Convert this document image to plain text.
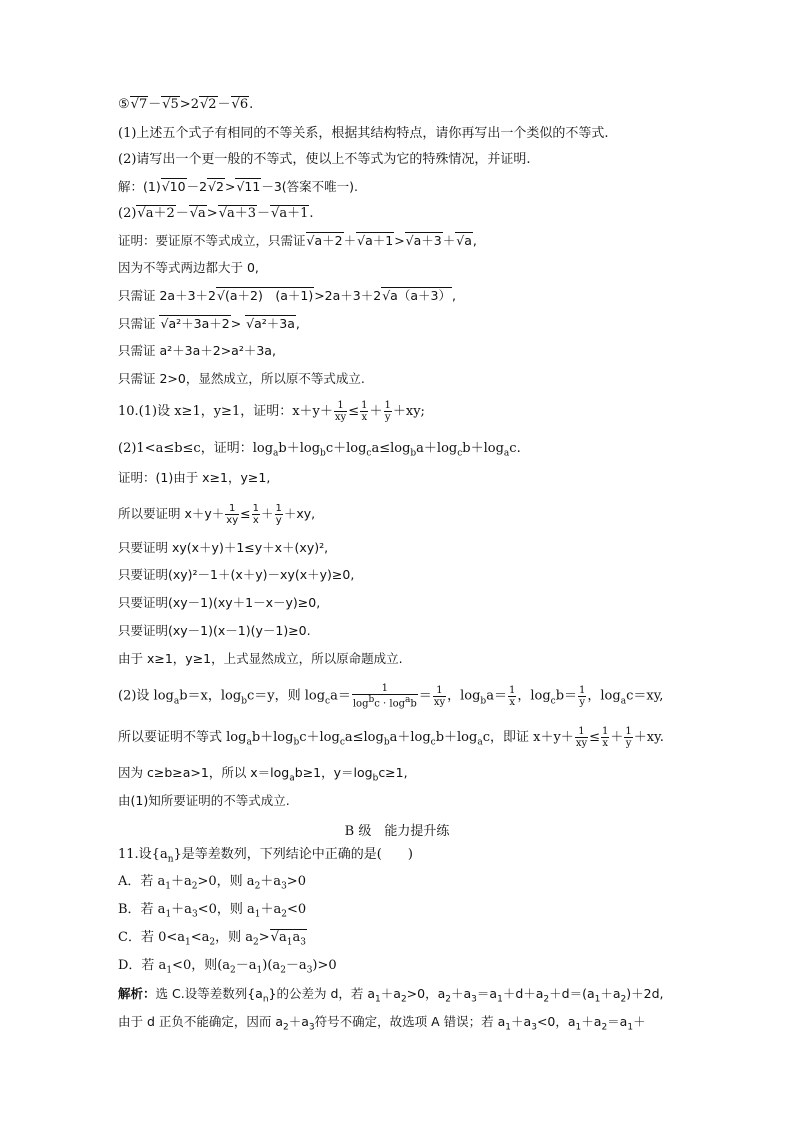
⑤√7－√5>2√2－√6.
(1)上述五个式子有相同的不等关系，根据其结构特点，请你再写出一个类似的不等式.
(2)请写出一个更一般的不等式，使以上不等式为它的特殊情况，并证明.
解：(1)√10－2√2>√11－3(答案不唯一).
(2)√a＋2－√a>√a＋3－√a＋1.
证明：要证原不等式成立，只需证√a＋2＋√a＋1>√a＋3＋√a,
因为不等式两边都大于 0,
只需证 2a＋3＋2√(a＋2)　(a＋1)>2a＋3＋2√a（a＋3）,
只需证 √a²＋3a＋2> √a²＋3a,
只需证 a²＋3a＋2>a²＋3a,
只需证 2>0，显然成立，所以原不等式成立.
10.(1)设 x≥1，y≥1，证明：$x+y+ \frac{1}{xy} \le \frac{1}{x} + \frac{1}{y} +xy$;
(2)1<a≤b≤c，证明：$\log_ab+\log_bc+\log_ca\le\log_ba+\log_cb+\log_ac$.
证明：(1)由于 x≥1，y≥1,
所以要证明 $x+y+ \frac{1}{xy} \le \frac{1}{x} + \frac{1}{y} +xy$,
只要证明 xy(x＋y)＋1≤y＋x＋(xy)²,
只要证明(xy)²－1＋(x＋y)－xy(x＋y)≥0,
只要证明(xy－1)(xy＋1－x－y)≥0,
只要证明(xy－1)(x－1)(y－1)≥0.
由于 x≥1，y≥1，上式显然成立，所以原命题成立.
(2)设 $\log_ab=x$，$\log_bc=y$，则 $\log_ca= \frac{1}{\log^bc \cdot \log^ab} = \frac{1}{xy}$ ，$\log_ba= \frac{1}{x}$ ，$\log_cb= \frac{1}{y}$ ，$\log_ac=xy$,
所以要证明不等式 $\log_ab+\log_bc+\log_ca\le\log_ba+\log_cb+\log_ac$，即证 $x+y+ \frac{1}{xy} \le \frac{1}{x} + \frac{1}{y} +xy$.
因为 c≥b≥a>1，所以 $x=\log_ab\ge 1$，$y=\log_bc\ge 1$,
由(1)知所要证明的不等式成立.
B 级　能力提升练
11.设$\{a_n\}$是等差数列，下列结论中正确的是(　　)
A．若 $a_1+a_2>0$，则 $a_2+a_3>0$
B．若 $a_1+a_3<0$，则 $a_1+a_2<0$
C．若 $0<a_1<a_2$，则 $a_2>√a_1a_3$
D．若 $a_1<0$，则$(a_2-a_1)(a_2-a_3)>0$
解析：选 C.设等差数列$\{a_n\}$的公差为 d，若 $a_1+a_2>0$，$a_2+a_3=a_1+d+a_2+d=(a_1+a_2)+2d$,
由于 d 正负不能确定，因而 $a_2+a_3$符号不确定，故选项 A 错误；若 $a_1+a_3<0$，$a_1+a_2=a_1+$
